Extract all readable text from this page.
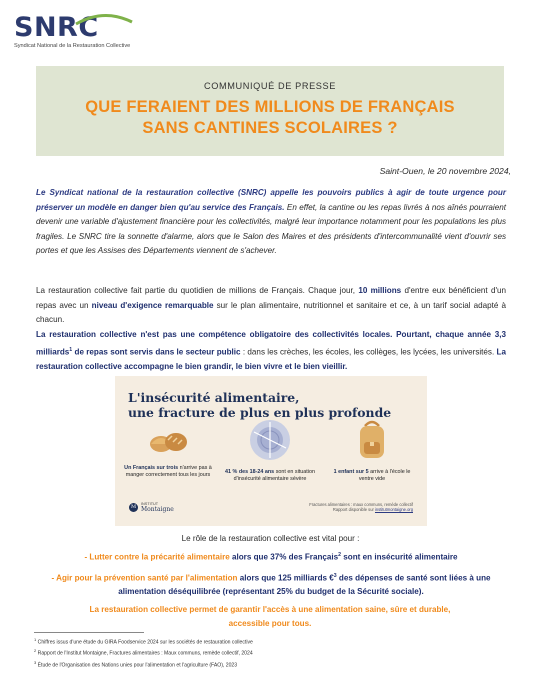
SNRC
Syndicat National de la Restauration Collective
COMMUNIQUÉ DE PRESSE
QUE FERAIENT DES MILLIONS DE FRANÇAIS
SANS CANTINES SCOLAIRES ?
Saint-Ouen, le 20 novembre 2024,
Le Syndicat national de la restauration collective (SNRC) appelle les pouvoirs publics à agir de toute urgence pour préserver un modèle en danger bien qu'au service des Français. En effet, la cantine ou les repas livrés à nos aînés pourraient devenir une variable d'ajustement financière pour les collectivités, malgré leur importance notamment pour les populations les plus fragiles. Le SNRC tire la sonnette d'alarme, alors que le Salon des Maires et des présidents d'intercommunalité vient d'ouvrir ses portes et que les Assises des Départements viennent de s'achever.
La restauration collective fait partie du quotidien de millions de Français. Chaque jour, 10 millions d'entre eux bénéficient d'un repas avec un niveau d'exigence remarquable sur le plan alimentaire, nutritionnel et sanitaire et ce, à un tarif social adapté à chacun.
La restauration collective n'est pas une compétence obligatoire des collectivités locales. Pourtant, chaque année 3,3 milliards$^1$ de repas sont servis dans le secteur public : dans les crèches, les écoles, les collèges, les lycées, les universités. La restauration collective accompagne le bien grandir, le bien vivre et le bien vieillir.
L'insécurité alimentaire,
une fracture de plus en plus profonde
Un Français sur trois n'arrive pas à manger correctement tous les jours	41 % des 18-24 ans sont en situation d'insécurité alimentaire sévère
1 enfant sur 5 arrive à l'école le ventre vide
M	INSTITUT
Montaigne
Fractures alimentaires : maux communs, remède collectif
Rapport disponible sur institutmontaigne.org
Le rôle de la restauration collective est vital pour :
- Lutter contre la précarité alimentaire alors que 37% des Français$^2$ sont en insécurité alimentaire
- Agir pour la prévention santé par l'alimentation alors que 125 milliards €$^3$ des dépenses de santé sont liées à une alimentation déséquilibrée (représentant 25% du budget de la Sécurité sociale).
La restauration collective permet de garantir l'accès à une alimentation saine, sûre et durable,
accessible pour tous.
$^1$ Chiffres issus d'une étude du GIRA Foodservice 2024 sur les sociétés de restauration collective
$^2$ Rapport de l'Institut Montaigne, Fractures alimentaires : Maux communs, remède collectif, 2024
$^3$ Étude de l'Organisation des Nations unies pour l'alimentation et l'agriculture (FAO), 2023
